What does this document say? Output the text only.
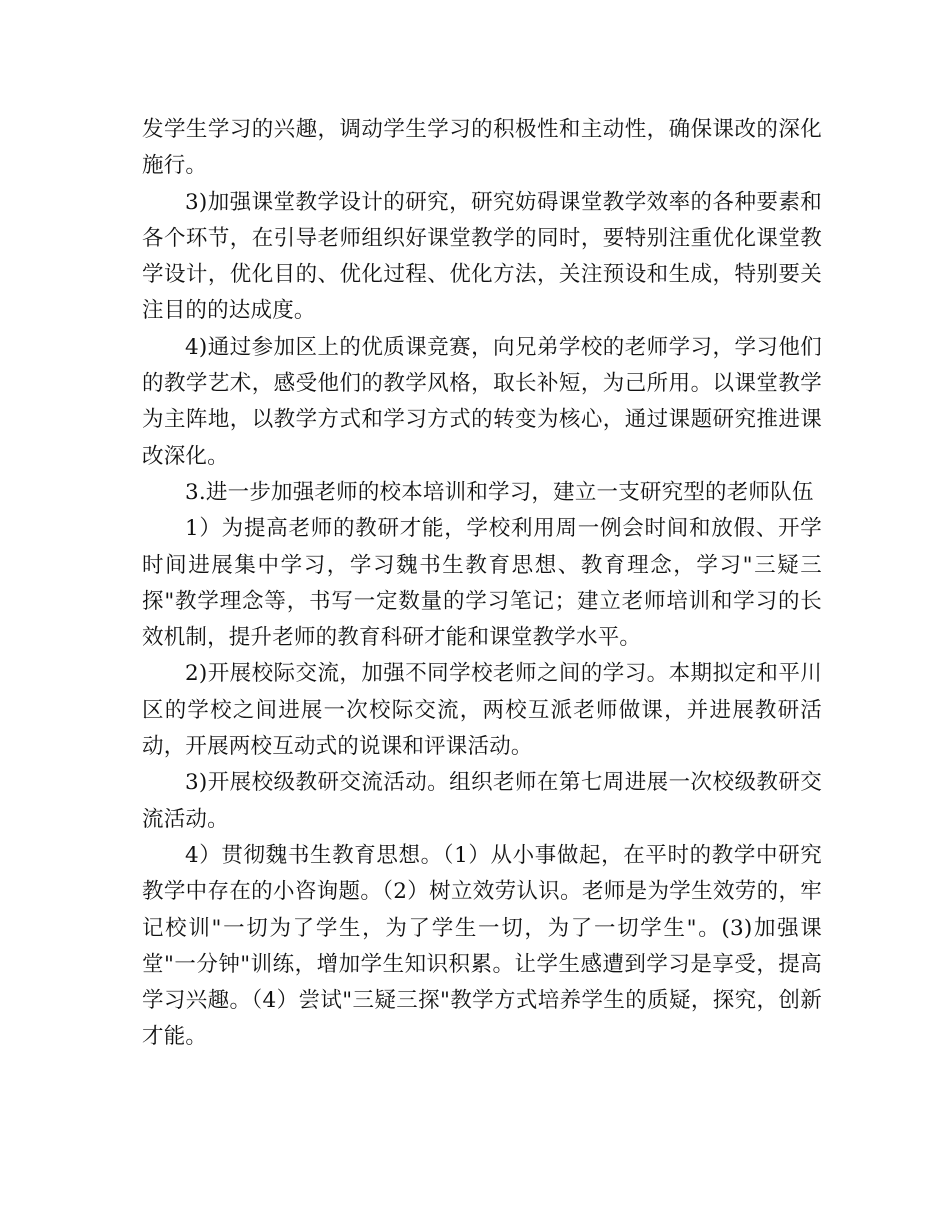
发学生学习的兴趣，调动学生学习的积极性和主动性，确保课改的深化施行。

3)加强课堂教学设计的研究，研究妨碍课堂教学效率的各种要素和各个环节，在引导老师组织好课堂教学的同时，要特别注重优化课堂教学设计，优化目的、优化过程、优化方法，关注预设和生成，特别要关注目的的达成度。

4)通过参加区上的优质课竞赛，向兄弟学校的老师学习，学习他们的教学艺术，感受他们的教学风格，取长补短，为己所用。以课堂教学为主阵地，以教学方式和学习方式的转变为核心，通过课题研究推进课改深化。

3.进一步加强老师的校本培训和学习，建立一支研究型的老师队伍

1）为提高老师的教研才能，学校利用周一例会时间和放假、开学时间进展集中学习，学习魏书生教育思想、教育理念，学习"三疑三探"教学理念等，书写一定数量的学习笔记；建立老师培训和学习的长效机制，提升老师的教育科研才能和课堂教学水平。

2)开展校际交流，加强不同学校老师之间的学习。本期拟定和平川区的学校之间进展一次校际交流，两校互派老师做课，并进展教研活动，开展两校互动式的说课和评课活动。

3)开展校级教研交流活动。组织老师在第七周进展一次校级教研交流活动。

4）贯彻魏书生教育思想。（1）从小事做起，在平时的教学中研究教学中存在的小咨询题。（2）树立效劳认识。老师是为学生效劳的，牢记校训"一切为了学生，为了学生一切，为了一切学生"。(3)加强课堂"一分钟"训练，增加学生知识积累。让学生感遭到学习是享受，提高学习兴趣。（4）尝试"三疑三探"教学方式培养学生的质疑，探究，创新才能。
